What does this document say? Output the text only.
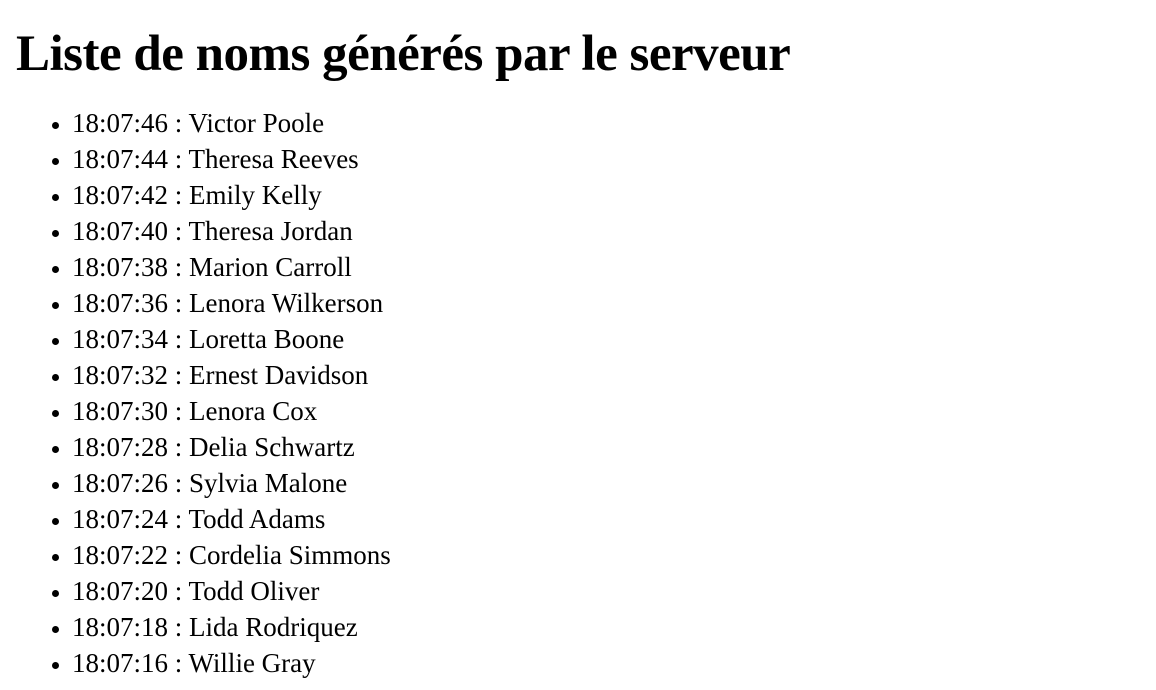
Liste de noms générés par le serveur
• 18:07:46 : Victor Poole
• 18:07:44 : Theresa Reeves
• 18:07:42 : Emily Kelly
• 18:07:40 : Theresa Jordan
• 18:07:38 : Marion Carroll
• 18:07:36 : Lenora Wilkerson
• 18:07:34 : Loretta Boone
• 18:07:32 : Ernest Davidson
• 18:07:30 : Lenora Cox
• 18:07:28 : Delia Schwartz
• 18:07:26 : Sylvia Malone
• 18:07:24 : Todd Adams
• 18:07:22 : Cordelia Simmons
• 18:07:20 : Todd Oliver
• 18:07:18 : Lida Rodriquez
• 18:07:16 : Willie Gray
